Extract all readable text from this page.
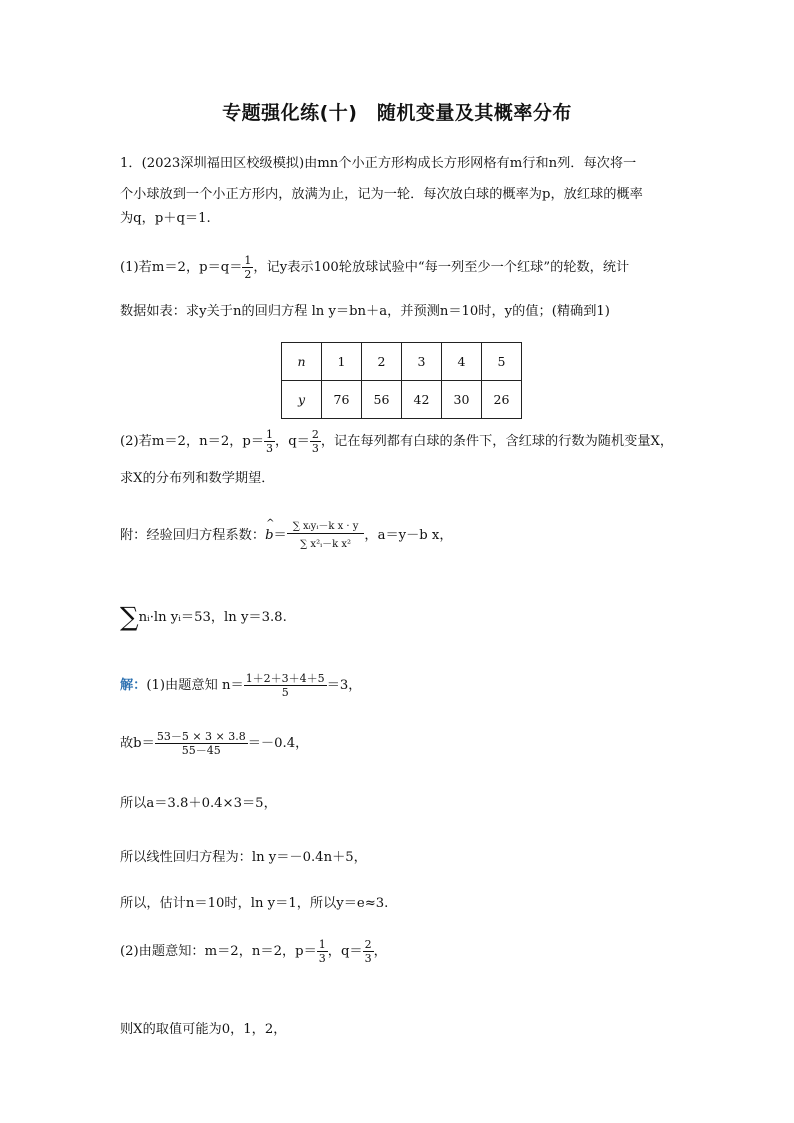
专题强化练(十)　随机变量及其概率分布
1．(2023深圳福田区校级模拟)由mn个小正方形构成长方形网格有m行和n列．每次将一
个小球放到一个小正方形内，放满为止，记为一轮．每次放白球的概率为p，放红球的概率
为q，p＋q＝1.
(1)若m＝2，$p=q= \frac{1}{2}$ ，记y表示100轮放球试验中“每一列至少一个红球”的轮数，统计
数据如表：求y关于n的回归方程 ln y＝bn＋a，并预测n＝10时，y的值；(精确到1)
n	1	2	3	4	5
y	76	56	42	30	26
(2)若m＝2，n＝2，$p= \frac{1}{3}$ ，$q= \frac{2}{3}$ ，记在每列都有白球的条件下，含红球的行数为随机变量X，
求X的分布列和数学期望．
附：经验回归方程系数：^ $b= \frac{\text{∑ xᵢyᵢ－k x · y}}{\text{∑ x²ᵢ－k x²}}$ ，a＝y－b x，
∑nᵢ·ln yᵢ＝53，ln y＝3.8.
解：(1)由题意知 $n= \frac{1+2+3+4+5}{5} =3$，
故$b= \frac{53-5 \times 3 \times 3.8}{55-45} =-0.4$，
所以a＝3.8＋0.4×3＝5，
所以线性回归方程为：ln y＝－0.4n＋5，
所以，估计n＝10时，ln y＝1，所以y＝e≈3.
(2)由题意知：m＝2，n＝2，$p= \frac{1}{3}$ ，$q= \frac{2}{3}$ ，
则X的取值可能为0，1，2，
